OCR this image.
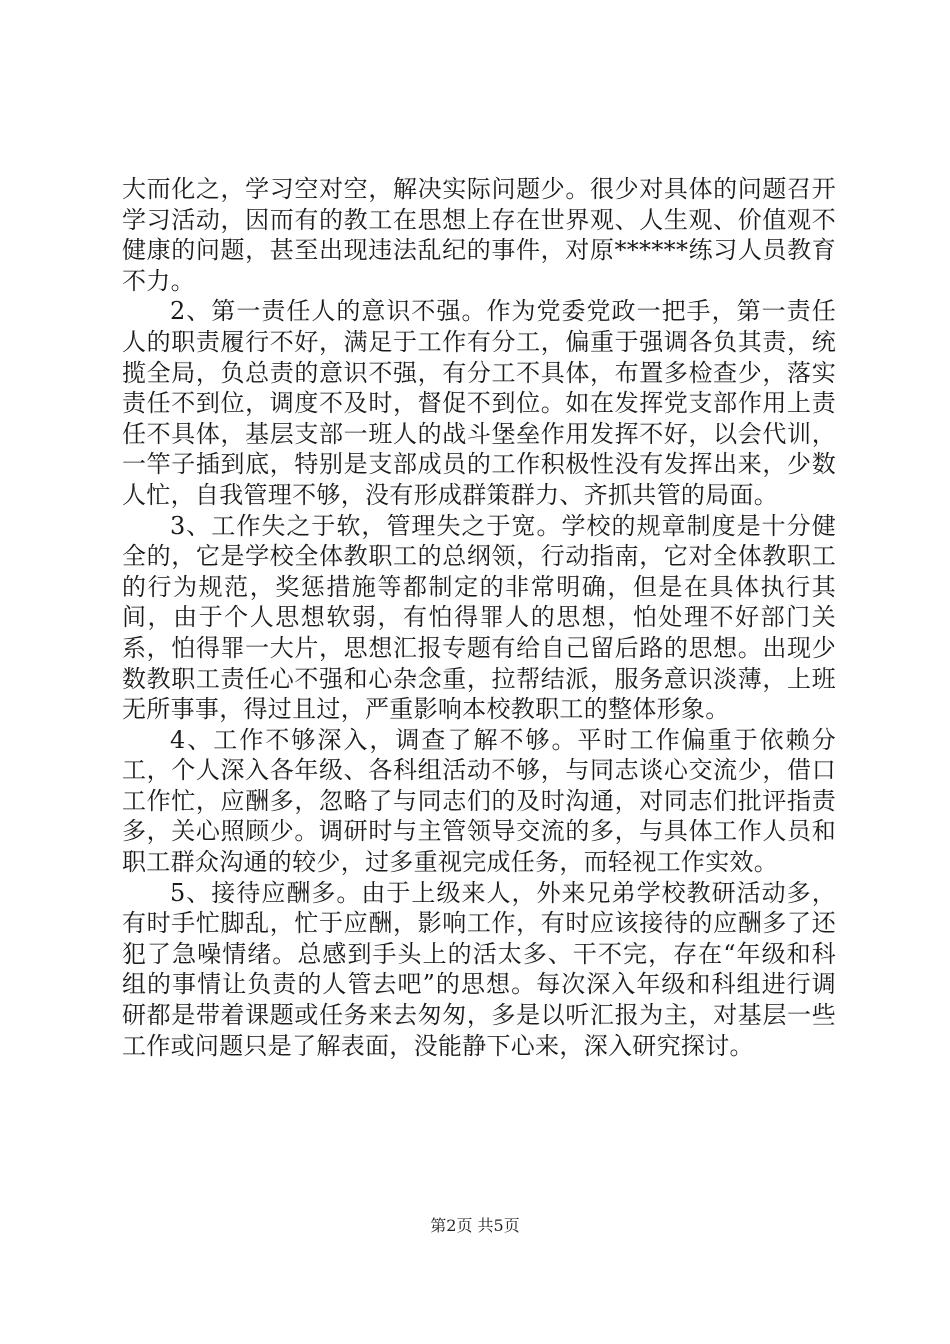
大而化之，学习空对空，解决实际问题少。很少对具体的问题召开学习活动，因而有的教工在思想上存在世界观、人生观、价值观不健康的问题，甚至出现违法乱纪的事件，对原******练习人员教育不力。

2、第一责任人的意识不强。作为党委党政一把手，第一责任人的职责履行不好，满足于工作有分工，偏重于强调各负其责，统揽全局，负总责的意识不强，有分工不具体，布置多检查少，落实责任不到位，调度不及时，督促不到位。如在发挥党支部作用上责任不具体，基层支部一班人的战斗堡垒作用发挥不好，以会代训，一竿子插到底，特别是支部成员的工作积极性没有发挥出来，少数人忙，自我管理不够，没有形成群策群力、齐抓共管的局面。

3、工作失之于软，管理失之于宽。学校的规章制度是十分健全的，它是学校全体教职工的总纲领，行动指南，它对全体教职工的行为规范，奖惩措施等都制定的非常明确，但是在具体执行其间，由于个人思想软弱，有怕得罪人的思想，怕处理不好部门关系，怕得罪一大片，思想汇报专题有给自己留后路的思想。出现少数教职工责任心不强和心杂念重，拉帮结派，服务意识淡薄，上班无所事事，得过且过，严重影响本校教职工的整体形象。

4、工作不够深入，调查了解不够。平时工作偏重于依赖分工，个人深入各年级、各科组活动不够，与同志谈心交流少，借口工作忙，应酬多，忽略了与同志们的及时沟通，对同志们批评指责多，关心照顾少。调研时与主管领导交流的多，与具体工作人员和职工群众沟通的较少，过多重视完成任务，而轻视工作实效。

5、接待应酬多。由于上级来人，外来兄弟学校教研活动多，有时手忙脚乱，忙于应酬，影响工作，有时应该接待的应酬多了还犯了急噪情绪。总感到手头上的活太多、干不完，存在“年级和科组的事情让负责的人管去吧”的思想。每次深入年级和科组进行调研都是带着课题或任务来去匆匆，多是以听汇报为主，对基层一些工作或问题只是了解表面，没能静下心来，深入研究探讨。

第2页 共5页
